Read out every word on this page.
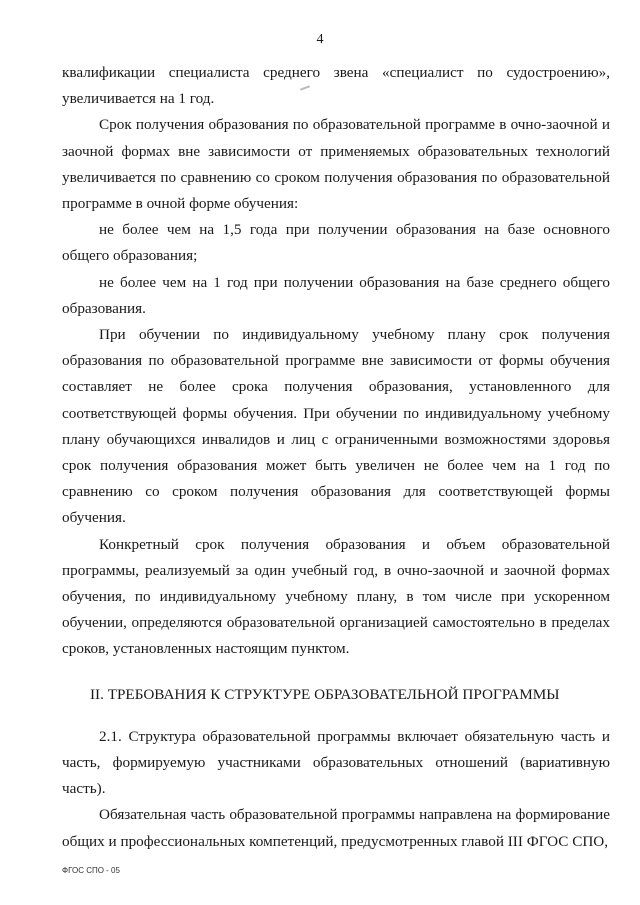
4

квалификации специалиста среднего звена «специалист по судостроению», увеличивается на 1 год.

Срок получения образования по образовательной программе в очно-заочной и заочной формах вне зависимости от применяемых образовательных технологий увеличивается по сравнению со сроком получения образования по образовательной программе в очной форме обучения:

не более чем на 1,5 года при получении образования на базе основного общего образования;

не более чем на 1 год при получении образования на базе среднего общего образования.

При обучении по индивидуальному учебному плану срок получения образования по образовательной программе вне зависимости от формы обучения составляет не более срока получения образования, установленного для соответствующей формы обучения. При обучении по индивидуальному учебному плану обучающихся инвалидов и лиц с ограниченными возможностями здоровья срок получения образования может быть увеличен не более чем на 1 год по сравнению со сроком получения образования для соответствующей формы обучения.

Конкретный срок получения образования и объем образовательной программы, реализуемый за один учебный год, в очно-заочной и заочной формах обучения, по индивидуальному учебному плану, в том числе при ускоренном обучении, определяются образовательной организацией самостоятельно в пределах сроков, установленных настоящим пунктом.

II. ТРЕБОВАНИЯ К СТРУКТУРЕ ОБРАЗОВАТЕЛЬНОЙ ПРОГРАММЫ

2.1. Структура образовательной программы включает обязательную часть и часть, формируемую участниками образовательных отношений (вариативную часть).

Обязательная часть образовательной программы направлена на формирование общих и профессиональных компетенций, предусмотренных главой III ФГОС СПО,

ФГОС СПО - 05
